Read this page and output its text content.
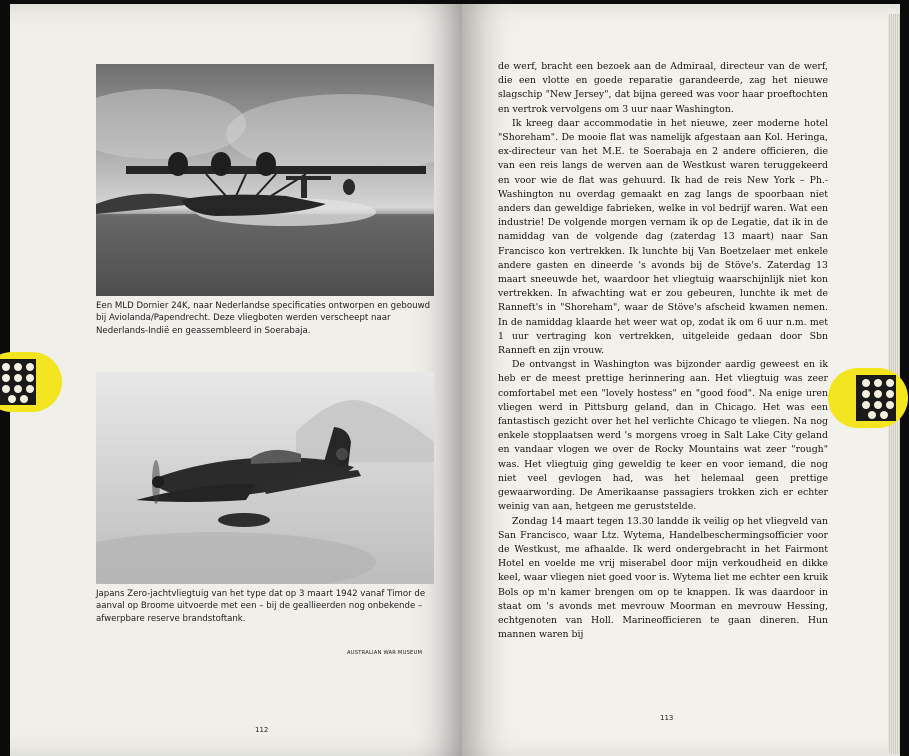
Een MLD Dornier 24K, naar Nederlandse specificaties ontworpen en gebouwd bij Aviolanda/Papendrecht. Deze vliegboten werden verscheept naar Nederlands-Indië en geassembleerd in Soerabaja.
Japans Zero-jachtvliegtuig van het type dat op 3 maart 1942 vanaf Timor de aanval op Broome uitvoerde met een – bij de geallieerden nog onbekende – afwerpbare reserve brandstoftank.
AUSTRALIAN WAR MUSEUM
112

de werf, bracht een bezoek aan de Admiraal, directeur van de werf, die een vlotte en goede reparatie garandeerde, zag het nieuwe slagschip "New Jersey", dat bijna gereed was voor haar proeftochten en vertrok vervolgens om 3 uur naar Washington.

Ik kreeg daar accommodatie in het nieuwe, zeer moderne hotel "Shoreham". De mooie flat was namelijk afgestaan aan Kol. Heringa, ex-directeur van het M.E. te Soerabaja en 2 andere officieren, die van een reis langs de werven aan de Westkust waren teruggekeerd en voor wie de flat was gehuurd. Ik had de reis New York – Ph.- Washington nu overdag gemaakt en zag langs de spoorbaan niet anders dan geweldige fabrieken, welke in vol bedrijf waren. Wat een industrie! De volgende morgen vernam ik op de Legatie, dat ik in de namiddag van de volgende dag (zaterdag 13 maart) naar San Francisco kon vertrekken. Ik lunchte bij Van Boetzelaer met enkele andere gasten en dineerde 's avonds bij de Stöve's. Zaterdag 13 maart sneeuwde het, waardoor het vliegtuig waarschijnlijk niet kon vertrekken. In afwachting wat er zou gebeuren, lunchte ik met de Ranneft's in "Shoreham", waar de Stöve's afscheid kwamen nemen. In de namiddag klaarde het weer wat op, zodat ik om 6 uur n.m. met 1 uur vertraging kon vertrekken, uitgeleide gedaan door Sbn Ranneft en zijn vrouw.

De ontvangst in Washington was bijzonder aardig geweest en ik heb er de meest prettige herinnering aan. Het vliegtuig was zeer comfortabel met een "lovely hostess" en "good food". Na enige uren vliegen werd in Pittsburg geland, dan in Chicago. Het was een fantastisch gezicht over het hel verlichte Chicago te vliegen. Na nog enkele stopplaatsen werd 's morgens vroeg in Salt Lake City geland en vandaar vlogen we over de Rocky Mountains wat zeer "rough" was. Het vliegtuig ging geweldig te keer en voor iemand, die nog niet veel gevlogen had, was het helemaal geen prettige gewaarwording. De Amerikaanse passagiers trokken zich er echter weinig van aan, hetgeen me geruststelde.

Zondag 14 maart tegen 13.30 landde ik veilig op het vliegveld van San Francisco, waar Ltz. Wytema, Handelbeschermingsofficier voor de Westkust, me afhaalde. Ik werd ondergebracht in het Fairmont Hotel en voelde me vrij miserabel door mijn verkoudheid en dikke keel, waar vliegen niet goed voor is. Wytema liet me echter een kruik Bols op m'n kamer brengen om op te knappen. Ik was daardoor in staat om 's avonds met mevrouw Moorman en mevrouw Hessing, echtgenoten van Holl. Marineofficieren te gaan dineren. Hun mannen waren bij

113
